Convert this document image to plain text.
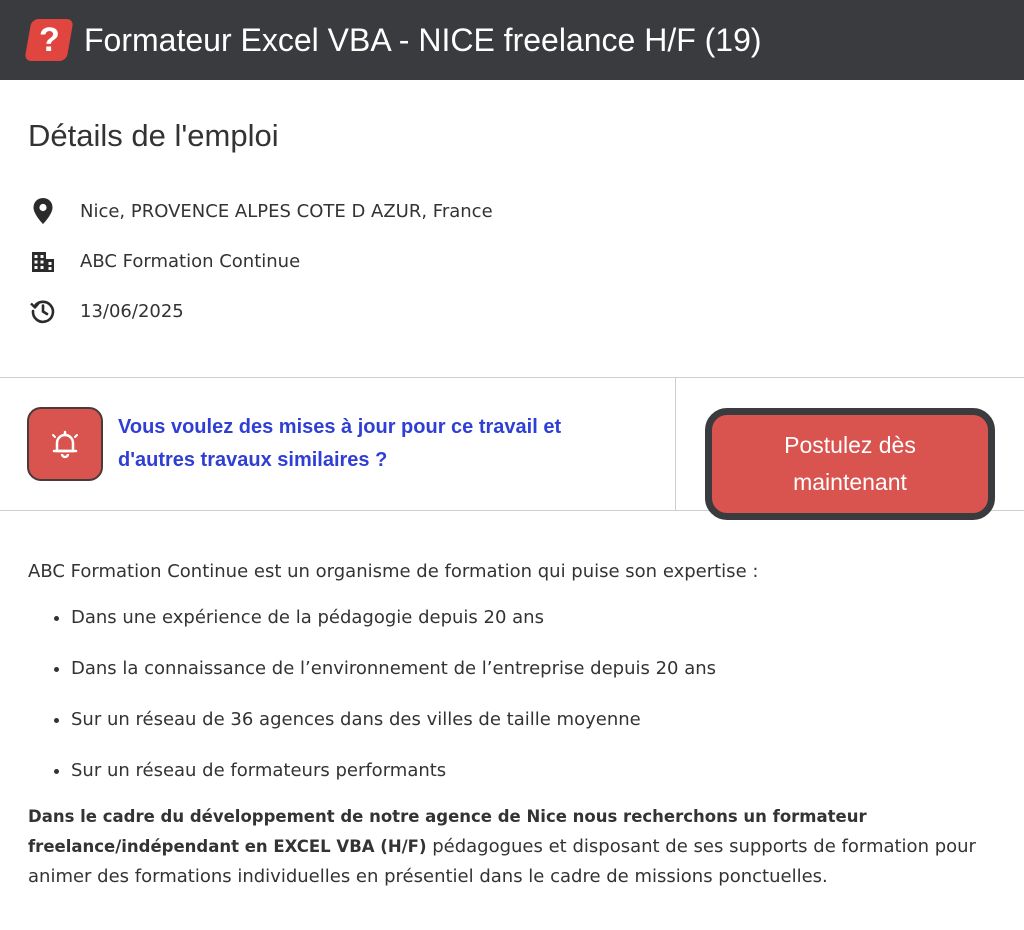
? Formateur Excel VBA - NICE freelance H/F (19)
Détails de l'emploi
Nice, PROVENCE ALPES COTE D AZUR, France
ABC Formation Continue
13/06/2025
Vous voulez des mises à jour pour ce travail et d'autres travaux similaires ?
Postulez dès maintenant

ABC Formation Continue est un organisme de formation qui puise son expertise :

• Dans une expérience de la pédagogie depuis 20 ans
• Dans la connaissance de l’environnement de l’entreprise depuis 20 ans
• Sur un réseau de 36 agences dans des villes de taille moyenne
• Sur un réseau de formateurs performants
Dans le cadre du développement de notre agence de Nice nous recherchons un formateur freelance/indépendant en EXCEL VBA (H/F) pédagogues et disposant de ses supports de formation pour animer des formations individuelles en présentiel dans le cadre de missions ponctuelles.
